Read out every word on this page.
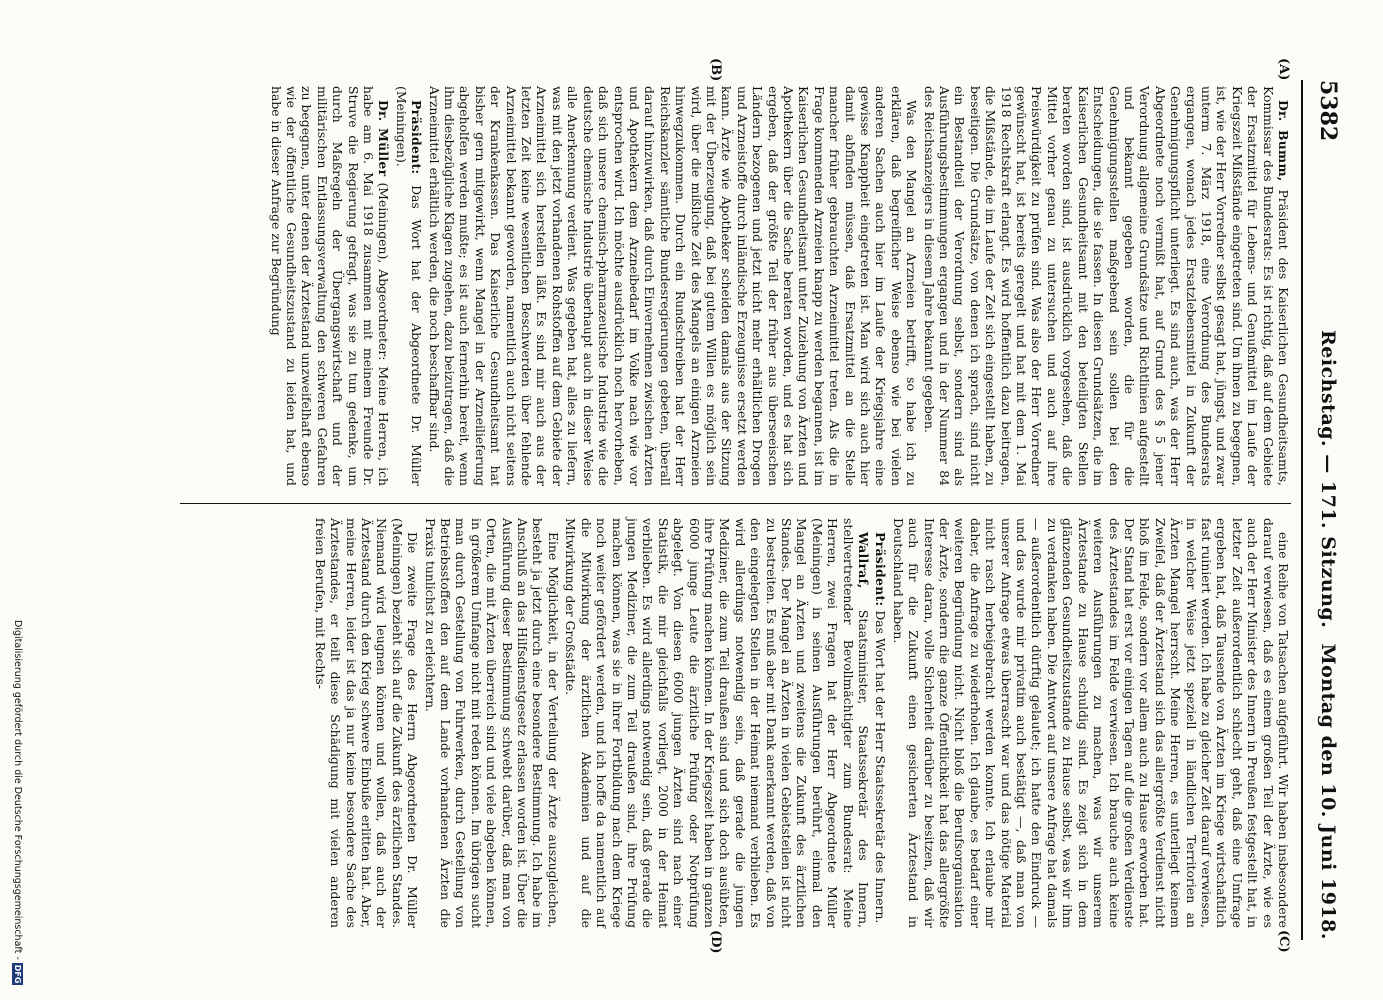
5382
Reichstag. — 171. Sitzung.
Montag den 10. Juni 1918.
(A)
(B)
(C)
(D)

Dr. Bumm, Präsident des Kaiserlichen Gesundheitsamts, Kommissar des Bundesrats: Es ist richtig, daß auf dem Gebiete der Ersatzmittel für Lebens- und Genußmittel im Laufe der Kriegszeit Mißstände eingetreten sind. Um ihnen zu begegnen, ist, wie der Herr Vorredner selbst gesagt hat, jüngst, und zwar unterm 7. März 1918, eine Verordnung des Bundesrats ergangen, wonach jedes Ersatzlebensmittel in Zukunft der Genehmigungspflicht unterliegt. Es sind auch, was der Herr Abgeordnete noch vermißt hat, auf Grund des § 5 jener Verordnung allgemeine Grundsätze und Richtlinien aufgestellt und bekannt gegeben worden, die für die Genehmigungsstellen maßgebend sein sollen bei den Entscheidungen, die sie fassen. In diesen Grundsätzen, die im Kaiserlichen Gesundheitsamt mit den beteiligten Stellen beraten worden sind, ist ausdrücklich vorgesehen, daß die Mittel vorher genau zu untersuchen und auch auf ihre Preiswürdigkeit zu prüfen sind. Was also der Herr Vorredner gewünscht hat, ist bereits geregelt und hat mit dem 1. Mai 1918 Rechtskraft erlangt. Es wird hoffentlich dazu beitragen, die Mißstände, die im Laufe der Zeit sich eingestellt haben, zu beseitigen. Die Grundsätze, von denen ich sprach, sind nicht ein Bestandteil der Verordnung selbst, sondern sind als Ausführungsbestimmungen ergangen und in der Nummer 84 des Reichsanzeigers in diesem Jahre bekannt gegeben.

Was den Mangel an Arzneien betrifft, so habe ich zu erklären, daß begreiflicher Weise ebenso wie bei vielen anderen Sachen auch hier im Laufe der Kriegsjahre eine gewisse Knappheit eingetreten ist. Man wird sich auch hier damit abfinden müssen, daß Ersatzmittel an die Stelle mancher früher gebrauchten Arzneimittel treten. Als die in Frage kommenden Arzneien knapp zu werden begannen, ist im Kaiserlichen Gesundheitsamt unter Zuziehung von Ärzten und Apothekern über die Sache beraten worden, und es hat sich ergeben, daß der größte Teil der früher aus überseeischen Ländern bezogenen und jetzt nicht mehr erhältlichen Drogen und Arzneistoffe durch inländische Erzeugnisse ersetzt werden kann. Ärzte wie Apotheker scheiden damals aus der Sitzung mit der Überzeugung, daß bei gutem Willen es möglich sein wird, über die mißliche Zeit des Mangels an einigen Arzneien hinwegzukommen. Durch ein Rundschreiben hat der Herr Reichskanzler sämtliche Bundesregierungen gebeten, überall darauf hinzuwirken, daß durch Einvernehmen zwischen Ärzten und Apothekern dem Arzneibedarf im Volke nach wie vor entsprochen wird. Ich möchte ausdrücklich noch hervorheben, daß sich unsere chemisch-pharmazeutische Industrie wie die deutsche chemische Industrie überhaupt auch in dieser Weise alle Anerkennung verdient. Was gegeben hat, alles zu liefern, was mit den jetzt vorhandenen Rohstoffen auf dem Gebiete der Arzneimittel sich herstellen läßt. Es sind mir auch aus der letzten Zeit keine wesentlichen Beschwerden über fehlende Arzneimittel bekannt geworden, namentlich auch nicht seitens der Krankenkassen. Das Kaiserliche Gesundheitsamt hat bisher gern mitgewirkt, wenn Mangel in der Arzneilieferung abgeholfen werden mußte; es ist auch fernerhin bereit, wenn ihm diesbezügliche Klagen zugehen, dazu beizutragen, daß die Arzneimittel erhältlich werden, die noch beschaffbar sind.

Präsident: Das Wort hat der Abgeordnete Dr. Müller (Meiningen).

Dr. Müller (Meiningen), Abgeordneter: Meine Herren, ich habe am 6. Mai 1918 zusammen mit meinem Freunde Dr. Struve die Regierung gefragt, was sie zu tun gedenke, um durch Maßregeln der Übergangswirtschaft und der militärischen Entlassungsverwaltung den schweren Gefahren zu begegnen, unter denen der Ärztestand unzweifelhaft ebenso wie der öffentliche Gesundheitszustand zu leiden hat, und habe in dieser Anfrage zur Begründung

eine Reihe von Tatsachen aufgeführt. Wir haben insbesondere darauf verwiesen, daß es einem großen Teil der Ärzte, wie es auch der Herr Minister des Innern in Preußen festgestellt hat, in letzter Zeit außerordentlich schlecht geht, daß eine Umfrage ergeben hat, daß Tausende von Ärzten im Kriege wirtschaftlich fast ruiniert werden. Ich habe zu gleicher Zeit darauf verwiesen, in welcher Weise jetzt speziell in ländlichen Territorien an Ärzten Mangel herrscht. Meine Herren, es unterliegt keinem Zweifel, daß der Ärztestand sich das allergrößte Verdienst nicht bloß im Felde, sondern vor allem auch zu Hause erworben hat. Der Stand hat erst vor einigen Tagen auf die großen Verdienste des Ärztestandes im Felde verwiesen. Ich brauche auch keine weiteren Ausführungen zu machen, was wir unserem Ärztestande zu Hause schuldig sind. Es zeigt sich in dem glänzenden Gesundheitszustande zu Hause selbst, was wir ihm zu verdanken haben. Die Antwort auf unsere Anfrage hat damals — außerordentlich dürftig gelautet; ich hatte den Eindruck — und das wurde mir privatim auch bestätigt —, daß man von unserer Anfrage etwas überrascht war und das nötige Material nicht rasch herbeigebracht werden konnte. Ich erlaube mir daher, die Anfrage zu wiederholen. Ich glaube, es bedarf einer weiteren Begründung nicht. Nicht bloß die Berufsorganisation der Ärzte, sondern die ganze Öffentlichkeit hat das allergrößte Interesse daran, volle Sicherheit darüber zu besitzen, daß wir auch für die Zukunft einen gesicherten Ärztestand in Deutschland haben.

Präsident: Das Wort hat der Herr Staatssekretär des Innern.

Wallraf, Staatsminister, Staatssekretär des Innern, stellvertretender Bevollmächtigter zum Bundesrat: Meine Herren, zwei Fragen hat der Herr Abgeordnete Müller (Meiningen) in seinen Ausführungen berührt, einmal den Mangel an Ärzten und zweitens die Zukunft des ärztlichen Standes. Der Mangel an Ärzten in vielen Gebietsteilen ist nicht zu bestreiten. Es muß aber mit Dank anerkannt werden, daß von den eingelegten Stellen in der Heimat niemand verblieben. Es wird allerdings notwendig sein, daß gerade die jungen Mediziner, die zum Teil draußen sind und sich doch ausübten, ihre Prüfung machen können. In der Kriegszeit haben in ganzen 6000 junge Leute die ärztliche Prüfung oder Notprüfung abgelegt. Von diesen 6000 jungen Ärzten sind nach einer Statistik, die mir gleichfalls vorliegt, 2000 in der Heimat verblieben. Es wird allerdings notwendig sein, daß gerade die jungen Mediziner, die zum Teil draußen sind, ihre Prüfung machen können, was sie in ihrer Fortbildung nach dem Kriege noch weiter gefördert werden, und ich hoffe da namentlich auf die Mitwirkung der ärztlichen Akademien und auf die Mitwirkung der Großstädte.

Eine Möglichkeit, in der Verteilung der Ärzte auszugleichen, besteht ja jetzt durch eine besondere Bestimmung. Ich habe im Anschluß an das Hilfsdienstgesetz erlassen worden ist. Über die Ausführung dieser Bestimmung schwebt darüber, daß man von Orten, die mit Ärzten überreich sind und viele abgeben können, in größerem Umfange nicht mit reden können. Im übrigen sucht man durch Gestellung von Fuhrwerken, durch Gestellung von Betriebsstoffen den auf dem Lande vorhandenen Ärzten die Praxis tunlichst zu erleichtern.

Die zweite Frage des Herrn Abgeordneten Dr. Müller (Meiningen) bezieht sich auf die Zukunft des ärztlichen Standes. Niemand wird leugnen können und wollen, daß auch der Ärztestand durch den Krieg schwere Einbuße erlitten hat. Aber, meine Herren, leider ist das ja nur keine besondere Sache des Ärztestandes, er teilt diese Schädigung mit vielen anderen freien Berufen, mit Rechts-

Digitalisierung gefördert durch die Deutsche Forschungsgemeinschaft -DFG
